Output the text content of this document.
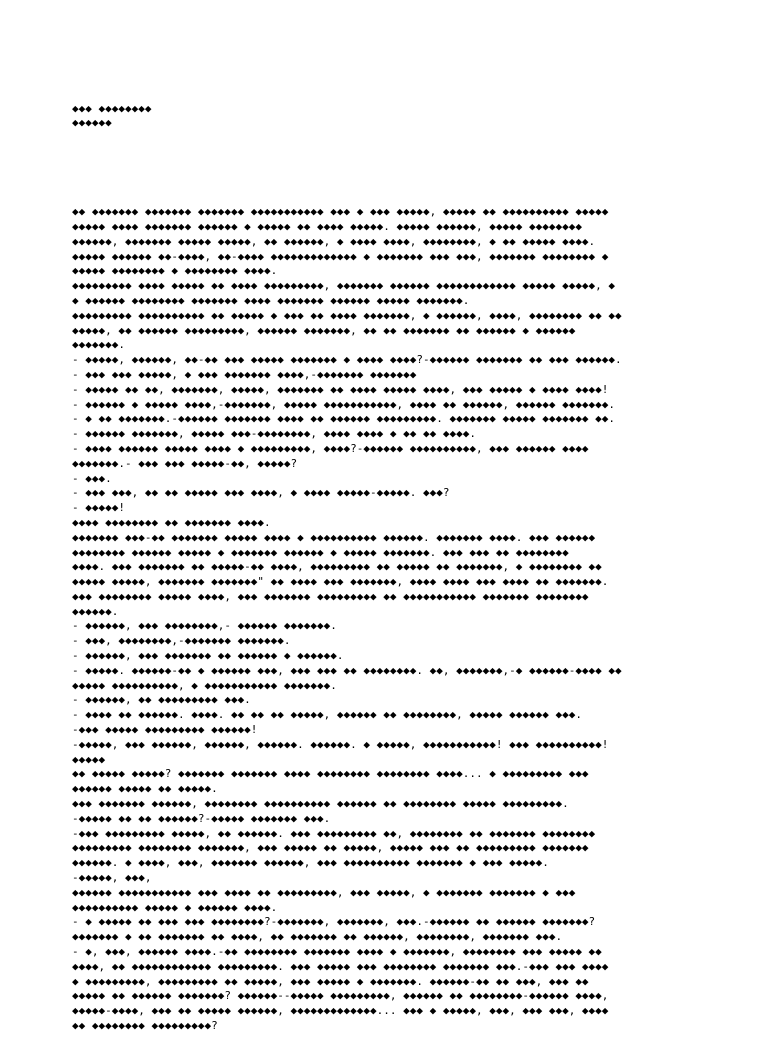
◆◆◆ ◆◆◆◆◆◆◆◆
◆◆◆◆◆◆

◆◆ ◆◆◆◆◆◆◆ ◆◆◆◆◆◆◆ ◆◆◆◆◆◆◆ ◆◆◆◆◆◆◆◆◆◆◆ ◆◆◆ ◆ ◆◆◆ ◆◆◆◆◆, ◆◆◆◆◆ ◆◆ ◆◆◆◆◆◆◆◆◆◆ ◆◆◆◆◆
◆◆◆◆◆ ◆◆◆◆ ◆◆◆◆◆◆◆ ◆◆◆◆◆◆ ◆ ◆◆◆◆◆ ◆◆ ◆◆◆◆ ◆◆◆◆◆. ◆◆◆◆◆ ◆◆◆◆◆◆, ◆◆◆◆◆ ◆◆◆◆◆◆◆◆
◆◆◆◆◆◆, ◆◆◆◆◆◆◆ ◆◆◆◆◆ ◆◆◆◆◆, ◆◆ ◆◆◆◆◆◆, ◆ ◆◆◆◆ ◆◆◆◆, ◆◆◆◆◆◆◆◆, ◆ ◆◆ ◆◆◆◆◆ ◆◆◆◆.
◆◆◆◆◆ ◆◆◆◆◆◆ ◆◆-◆◆◆◆, ◆◆-◆◆◆◆ ◆◆◆◆◆◆◆◆◆◆◆◆◆ ◆ ◆◆◆◆◆◆◆ ◆◆◆ ◆◆◆, ◆◆◆◆◆◆◆ ◆◆◆◆◆◆◆◆ ◆
◆◆◆◆◆ ◆◆◆◆◆◆◆◆ ◆ ◆◆◆◆◆◆◆◆ ◆◆◆◆.
◆◆◆◆◆◆◆◆◆ ◆◆◆◆ ◆◆◆◆◆ ◆◆ ◆◆◆◆ ◆◆◆◆◆◆◆◆◆, ◆◆◆◆◆◆◆ ◆◆◆◆◆◆ ◆◆◆◆◆◆◆◆◆◆◆◆ ◆◆◆◆◆ ◆◆◆◆◆, ◆
◆ ◆◆◆◆◆◆ ◆◆◆◆◆◆◆◆ ◆◆◆◆◆◆◆ ◆◆◆◆ ◆◆◆◆◆◆◆ ◆◆◆◆◆◆ ◆◆◆◆◆ ◆◆◆◆◆◆◆.
◆◆◆◆◆◆◆◆◆ ◆◆◆◆◆◆◆◆◆◆ ◆◆ ◆◆◆◆◆ ◆ ◆◆◆ ◆◆ ◆◆◆◆ ◆◆◆◆◆◆◆, ◆ ◆◆◆◆◆◆, ◆◆◆◆, ◆◆◆◆◆◆◆◆ ◆◆ ◆◆
◆◆◆◆◆, ◆◆ ◆◆◆◆◆◆ ◆◆◆◆◆◆◆◆◆, ◆◆◆◆◆◆ ◆◆◆◆◆◆◆, ◆◆ ◆◆ ◆◆◆◆◆◆◆ ◆◆ ◆◆◆◆◆◆ ◆ ◆◆◆◆◆◆
◆◆◆◆◆◆◆.
- ◆◆◆◆◆, ◆◆◆◆◆◆, ◆◆-◆◆ ◆◆◆ ◆◆◆◆◆ ◆◆◆◆◆◆◆ ◆ ◆◆◆◆ ◆◆◆◆?-◆◆◆◆◆◆ ◆◆◆◆◆◆◆ ◆◆ ◆◆◆ ◆◆◆◆◆◆.
- ◆◆◆ ◆◆◆ ◆◆◆◆◆, ◆ ◆◆◆ ◆◆◆◆◆◆◆ ◆◆◆◆,-◆◆◆◆◆◆◆ ◆◆◆◆◆◆◆
- ◆◆◆◆◆ ◆◆ ◆◆, ◆◆◆◆◆◆◆, ◆◆◆◆◆, ◆◆◆◆◆◆◆ ◆◆ ◆◆◆◆ ◆◆◆◆◆ ◆◆◆◆, ◆◆◆ ◆◆◆◆◆ ◆ ◆◆◆◆ ◆◆◆◆!
- ◆◆◆◆◆◆ ◆ ◆◆◆◆◆ ◆◆◆◆,-◆◆◆◆◆◆◆, ◆◆◆◆◆ ◆◆◆◆◆◆◆◆◆◆◆, ◆◆◆◆ ◆◆ ◆◆◆◆◆◆, ◆◆◆◆◆◆ ◆◆◆◆◆◆◆.
- ◆ ◆◆ ◆◆◆◆◆◆◆.-◆◆◆◆◆◆ ◆◆◆◆◆◆◆ ◆◆◆◆ ◆◆ ◆◆◆◆◆◆ ◆◆◆◆◆◆◆◆◆. ◆◆◆◆◆◆◆ ◆◆◆◆◆ ◆◆◆◆◆◆◆ ◆◆.
- ◆◆◆◆◆◆ ◆◆◆◆◆◆◆, ◆◆◆◆◆ ◆◆◆-◆◆◆◆◆◆◆◆, ◆◆◆◆ ◆◆◆◆ ◆ ◆◆ ◆◆ ◆◆◆◆.
- ◆◆◆◆ ◆◆◆◆◆◆ ◆◆◆◆◆ ◆◆◆◆ ◆ ◆◆◆◆◆◆◆◆◆, ◆◆◆◆?-◆◆◆◆◆◆ ◆◆◆◆◆◆◆◆◆◆, ◆◆◆ ◆◆◆◆◆◆ ◆◆◆◆
◆◆◆◆◆◆◆.- ◆◆◆ ◆◆◆ ◆◆◆◆◆-◆◆, ◆◆◆◆◆?
- ◆◆◆.
- ◆◆◆ ◆◆◆, ◆◆ ◆◆ ◆◆◆◆◆ ◆◆◆ ◆◆◆◆, ◆ ◆◆◆◆ ◆◆◆◆◆-◆◆◆◆◆. ◆◆◆?
- ◆◆◆◆◆!
◆◆◆◆ ◆◆◆◆◆◆◆◆ ◆◆ ◆◆◆◆◆◆◆ ◆◆◆◆.
◆◆◆◆◆◆◆ ◆◆◆-◆◆ ◆◆◆◆◆◆◆ ◆◆◆◆◆ ◆◆◆◆ ◆ ◆◆◆◆◆◆◆◆◆◆ ◆◆◆◆◆◆. ◆◆◆◆◆◆◆ ◆◆◆◆. ◆◆◆ ◆◆◆◆◆◆
◆◆◆◆◆◆◆◆ ◆◆◆◆◆◆ ◆◆◆◆◆ ◆ ◆◆◆◆◆◆◆ ◆◆◆◆◆◆ ◆ ◆◆◆◆◆ ◆◆◆◆◆◆◆. ◆◆◆ ◆◆◆ ◆◆ ◆◆◆◆◆◆◆◆
◆◆◆◆. ◆◆◆ ◆◆◆◆◆◆◆ ◆◆ ◆◆◆◆◆-◆◆ ◆◆◆◆, ◆◆◆◆◆◆◆◆◆ ◆◆ ◆◆◆◆◆ ◆◆ ◆◆◆◆◆◆◆, ◆ ◆◆◆◆◆◆◆◆ ◆◆
◆◆◆◆◆ ◆◆◆◆◆, ◆◆◆◆◆◆◆ ◆◆◆◆◆◆◆" ◆◆ ◆◆◆◆ ◆◆◆ ◆◆◆◆◆◆◆, ◆◆◆◆ ◆◆◆◆ ◆◆◆ ◆◆◆◆ ◆◆ ◆◆◆◆◆◆◆.
◆◆◆ ◆◆◆◆◆◆◆◆ ◆◆◆◆◆ ◆◆◆◆, ◆◆◆ ◆◆◆◆◆◆◆ ◆◆◆◆◆◆◆◆◆ ◆◆ ◆◆◆◆◆◆◆◆◆◆◆ ◆◆◆◆◆◆◆ ◆◆◆◆◆◆◆◆
◆◆◆◆◆◆.
- ◆◆◆◆◆◆, ◆◆◆ ◆◆◆◆◆◆◆◆,- ◆◆◆◆◆◆ ◆◆◆◆◆◆◆.
- ◆◆◆, ◆◆◆◆◆◆◆◆,-◆◆◆◆◆◆◆ ◆◆◆◆◆◆◆.
- ◆◆◆◆◆◆, ◆◆◆ ◆◆◆◆◆◆◆ ◆◆ ◆◆◆◆◆◆ ◆ ◆◆◆◆◆◆.
- ◆◆◆◆◆. ◆◆◆◆◆◆-◆◆ ◆ ◆◆◆◆◆◆ ◆◆◆, ◆◆◆ ◆◆◆ ◆◆ ◆◆◆◆◆◆◆◆. ◆◆, ◆◆◆◆◆◆◆,-◆ ◆◆◆◆◆◆-◆◆◆◆ ◆◆
◆◆◆◆◆ ◆◆◆◆◆◆◆◆◆◆, ◆ ◆◆◆◆◆◆◆◆◆◆◆ ◆◆◆◆◆◆◆.
- ◆◆◆◆◆◆, ◆◆ ◆◆◆◆◆◆◆◆◆ ◆◆◆.
- ◆◆◆◆ ◆◆ ◆◆◆◆◆◆. ◆◆◆◆. ◆◆ ◆◆ ◆◆ ◆◆◆◆◆, ◆◆◆◆◆◆ ◆◆ ◆◆◆◆◆◆◆◆, ◆◆◆◆◆ ◆◆◆◆◆◆ ◆◆◆.
-◆◆◆ ◆◆◆◆◆ ◆◆◆◆◆◆◆◆◆ ◆◆◆◆◆◆!
-◆◆◆◆◆, ◆◆◆ ◆◆◆◆◆◆, ◆◆◆◆◆◆, ◆◆◆◆◆◆. ◆◆◆◆◆◆. ◆ ◆◆◆◆◆, ◆◆◆◆◆◆◆◆◆◆◆! ◆◆◆ ◆◆◆◆◆◆◆◆◆◆!
◆◆◆◆◆
◆◆ ◆◆◆◆◆ ◆◆◆◆◆? ◆◆◆◆◆◆◆ ◆◆◆◆◆◆◆ ◆◆◆◆ ◆◆◆◆◆◆◆◆ ◆◆◆◆◆◆◆◆ ◆◆◆◆... ◆ ◆◆◆◆◆◆◆◆◆ ◆◆◆
◆◆◆◆◆◆ ◆◆◆◆◆ ◆◆ ◆◆◆◆◆.
◆◆◆ ◆◆◆◆◆◆◆ ◆◆◆◆◆◆, ◆◆◆◆◆◆◆◆ ◆◆◆◆◆◆◆◆◆◆ ◆◆◆◆◆◆ ◆◆ ◆◆◆◆◆◆◆◆ ◆◆◆◆◆ ◆◆◆◆◆◆◆◆◆.
-◆◆◆◆◆ ◆◆ ◆◆ ◆◆◆◆◆◆?-◆◆◆◆◆ ◆◆◆◆◆◆◆ ◆◆◆.
-◆◆◆ ◆◆◆◆◆◆◆◆◆ ◆◆◆◆◆, ◆◆ ◆◆◆◆◆◆. ◆◆◆ ◆◆◆◆◆◆◆◆◆ ◆◆, ◆◆◆◆◆◆◆◆ ◆◆ ◆◆◆◆◆◆◆ ◆◆◆◆◆◆◆◆
◆◆◆◆◆◆◆◆◆ ◆◆◆◆◆◆◆◆ ◆◆◆◆◆◆◆, ◆◆◆ ◆◆◆◆◆ ◆◆ ◆◆◆◆◆, ◆◆◆◆◆ ◆◆◆ ◆◆ ◆◆◆◆◆◆◆◆◆ ◆◆◆◆◆◆◆
◆◆◆◆◆◆. ◆ ◆◆◆◆, ◆◆◆, ◆◆◆◆◆◆◆ ◆◆◆◆◆◆, ◆◆◆ ◆◆◆◆◆◆◆◆◆◆ ◆◆◆◆◆◆◆ ◆ ◆◆◆ ◆◆◆◆◆.
-◆◆◆◆◆, ◆◆◆,
◆◆◆◆◆◆ ◆◆◆◆◆◆◆◆◆◆◆ ◆◆◆ ◆◆◆◆ ◆◆ ◆◆◆◆◆◆◆◆◆, ◆◆◆ ◆◆◆◆◆, ◆ ◆◆◆◆◆◆◆ ◆◆◆◆◆◆◆ ◆ ◆◆◆
◆◆◆◆◆◆◆◆◆◆ ◆◆◆◆◆ ◆ ◆◆◆◆◆◆ ◆◆◆◆.
- ◆ ◆◆◆◆◆ ◆◆ ◆◆◆ ◆◆◆ ◆◆◆◆◆◆◆◆?-◆◆◆◆◆◆◆, ◆◆◆◆◆◆◆, ◆◆◆.-◆◆◆◆◆◆ ◆◆ ◆◆◆◆◆◆ ◆◆◆◆◆◆◆?
◆◆◆◆◆◆◆ ◆ ◆◆ ◆◆◆◆◆◆◆ ◆◆ ◆◆◆◆, ◆◆ ◆◆◆◆◆◆◆ ◆◆ ◆◆◆◆◆◆, ◆◆◆◆◆◆◆◆, ◆◆◆◆◆◆◆ ◆◆◆.
- ◆, ◆◆◆, ◆◆◆◆◆◆ ◆◆◆◆.-◆◆ ◆◆◆◆◆◆◆◆ ◆◆◆◆◆◆◆ ◆◆◆◆ ◆ ◆◆◆◆◆◆◆, ◆◆◆◆◆◆◆◆ ◆◆◆ ◆◆◆◆◆ ◆◆
◆◆◆◆, ◆◆ ◆◆◆◆◆◆◆◆◆◆◆◆ ◆◆◆◆◆◆◆◆◆. ◆◆◆ ◆◆◆◆◆ ◆◆◆ ◆◆◆◆◆◆◆◆ ◆◆◆◆◆◆◆ ◆◆◆.-◆◆◆ ◆◆◆ ◆◆◆◆
◆ ◆◆◆◆◆◆◆◆◆, ◆◆◆◆◆◆◆◆◆ ◆◆ ◆◆◆◆◆, ◆◆◆ ◆◆◆◆◆ ◆ ◆◆◆◆◆◆◆. ◆◆◆◆◆◆-◆◆ ◆◆ ◆◆◆, ◆◆◆ ◆◆
◆◆◆◆◆ ◆◆ ◆◆◆◆◆◆ ◆◆◆◆◆◆◆? ◆◆◆◆◆◆--◆◆◆◆◆ ◆◆◆◆◆◆◆◆◆, ◆◆◆◆◆◆ ◆◆ ◆◆◆◆◆◆◆◆-◆◆◆◆◆◆ ◆◆◆◆,
◆◆◆◆◆-◆◆◆◆, ◆◆◆ ◆◆ ◆◆◆◆◆ ◆◆◆◆◆◆, ◆◆◆◆◆◆◆◆◆◆◆◆◆... ◆◆◆ ◆ ◆◆◆◆◆, ◆◆◆, ◆◆◆ ◆◆◆, ◆◆◆◆
◆◆ ◆◆◆◆◆◆◆◆ ◆◆◆◆◆◆◆◆◆?
